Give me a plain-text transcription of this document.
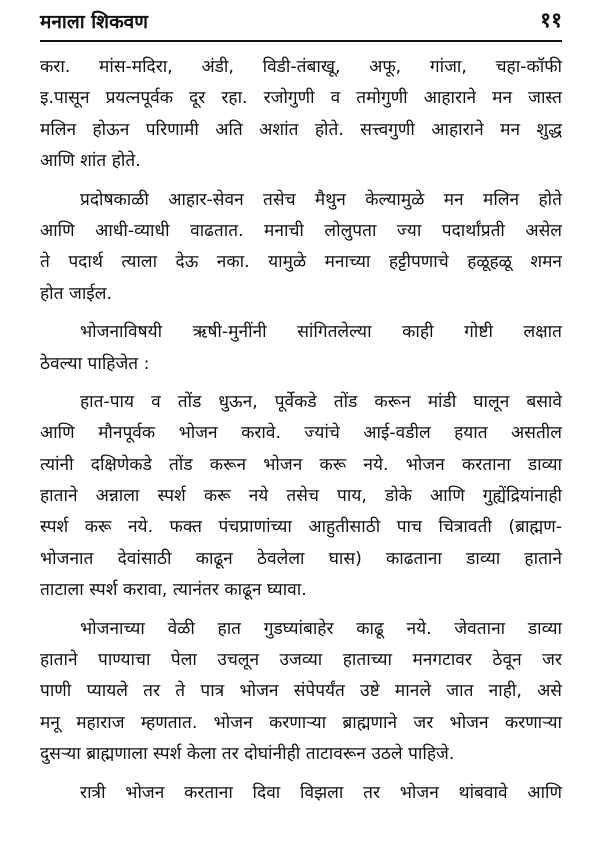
मनाला शिकवण	११
करा. मांस-मदिरा, अंडी, विडी-तंबाखू, अफू, गांजा, चहा-कॉफी
इ.पासून प्रयत्नपूर्वक दूर रहा. रजोगुणी व तमोगुणी आहाराने मन जास्त
मलिन होऊन परिणामी अति अशांत होते. सत्त्वगुणी आहाराने मन शुद्ध
आणि शांत होते.
प्रदोषकाळी आहार-सेवन तसेच मैथुन केल्यामुळे मन मलिन होते
आणि आधी-व्याधी वाढतात. मनाची लोलुपता ज्या पदार्थांप्रती असेल
ते पदार्थ त्याला देऊ नका. यामुळे मनाच्या हट्टीपणाचे हळूहळू शमन
होत जाईल.
भोजनाविषयी ऋषी-मुनींनी सांगितलेल्या काही गोष्टी लक्षात
ठेवल्या पाहिजेत :
हात-पाय व तोंड धुऊन, पूर्वेकडे तोंड करून मांडी घालून बसावे
आणि मौनपूर्वक भोजन करावे. ज्यांचे आई-वडील हयात असतील
त्यांनी दक्षिणेकडे तोंड करून भोजन करू नये. भोजन करताना डाव्या
हाताने अन्नाला स्पर्श करू नये तसेच पाय, डोके आणि गुह्येंद्रियांनाही
स्पर्श करू नये. फक्त पंचप्राणांच्या आहुतीसाठी पाच चित्रावती (ब्राह्मण-
भोजनात देवांसाठी काढून ठेवलेला घास) काढताना डाव्या हाताने
ताटाला स्पर्श करावा, त्यानंतर काढून घ्यावा.
भोजनाच्या वेळी हात गुडघ्यांबाहेर काढू नये. जेवताना डाव्या
हाताने पाण्याचा पेला उचलून उजव्या हाताच्या मनगटावर ठेवून जर
पाणी प्यायले तर ते पात्र भोजन संपेपर्यंत उष्टे मानले जात नाही, असे
मनू महाराज म्हणतात. भोजन करणाऱ्या ब्राह्मणाने जर भोजन करणाऱ्या
दुसऱ्या ब्राह्मणाला स्पर्श केला तर दोघांनीही ताटावरून उठले पाहिजे.
रात्री भोजन करताना दिवा विझला तर भोजन थांबवावे आणि
